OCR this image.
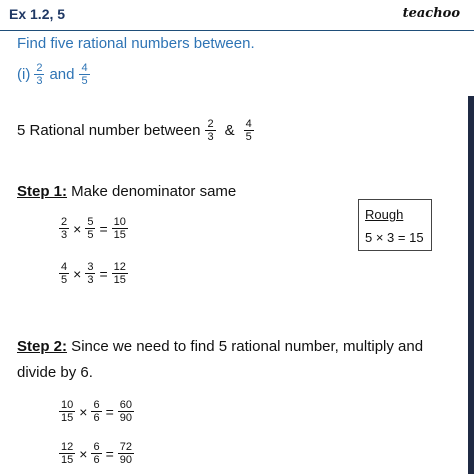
Ex 1.2, 5	teachoo
Find five rational numbers between.
$(i) \frac{2}{3}$ and $\frac{4}{5}$
5 Rational number between $\frac{2}{3}$ & $\frac{4}{5}$
Step 1: Make denominator same
$\frac{2}{3} \times \frac{5}{5} = \frac{10}{15}$
$\frac{4}{5} \times \frac{3}{3} = \frac{12}{15}$
Rough
5 × 3 = 15
Step 2: Since we need to find 5 rational number, multiply and
divide by 6.
$\frac{10}{15} \times \frac{6}{6} = \frac{60}{90}$
$\frac{12}{15} \times \frac{6}{6} = \frac{72}{90}$
